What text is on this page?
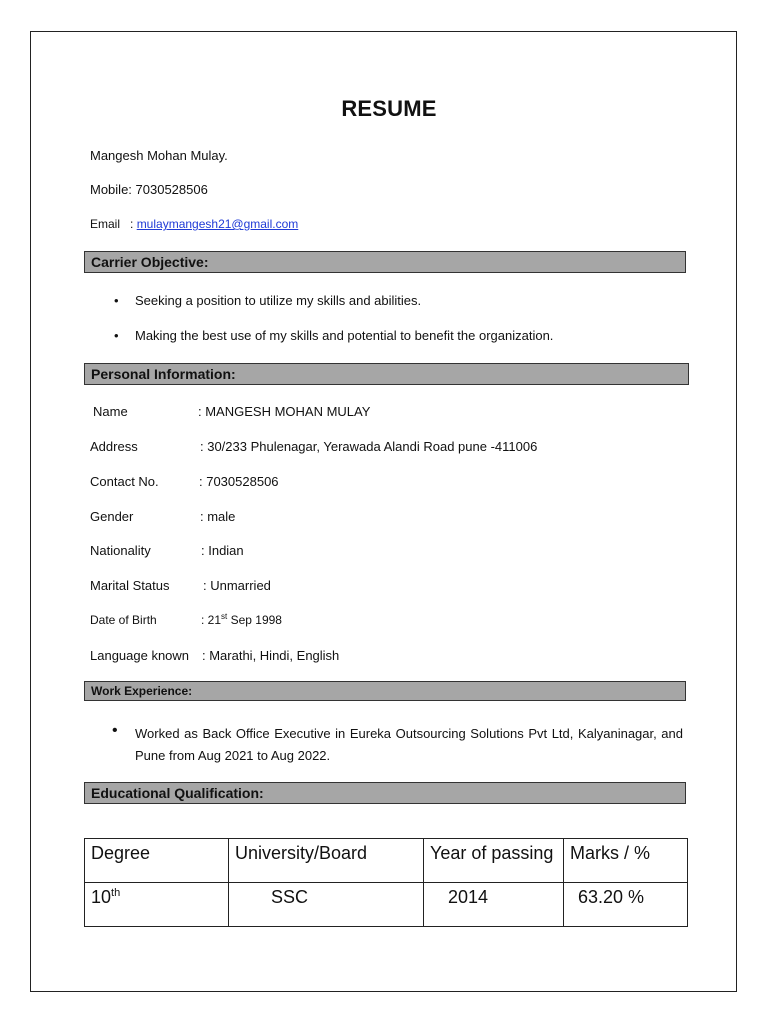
RESUME
Mangesh Mohan Mulay.
Mobile: 7030528506
Email   : mulaymangesh21@gmail.com
Carrier Objective:
• Seeking a position to utilize my skills and abilities.
• Making the best use of my skills and potential to benefit the organization.
Personal Information:
Name	: MANGESH MOHAN MULAY
Address	: 30/233 Phulenagar, Yerawada Alandi Road pune -411006
Contact No.	: 7030528506
Gender	: male
Nationality	: Indian
Marital Status	: Unmarried
Date of Birth	: 21st Sep 1998
Language known : Marathi, Hindi, English
Work Experience:
• Worked as Back Office Executive in Eureka Outsourcing Solutions Pvt Ltd, Kalyaninagar, and Pune from Aug 2021 to Aug 2022.
Educational Qualification:
Degree	University/Board	Year of passing	Marks / %
10th	SSC	2014	63.20 %
